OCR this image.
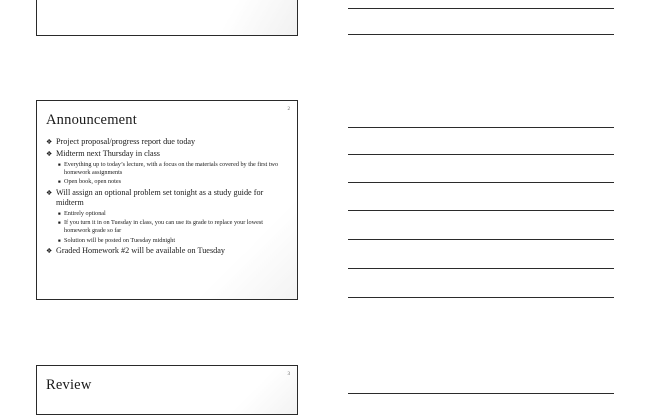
2
Announcement
❖ Project proposal/progress report due today
❖ Midterm next Thursday in class
■ Everything up to today’s lecture, with a focus on the materials covered by the first two homework assignments
■ Open book, open notes
❖ Will assign an optional problem set tonight as a study guide for midterm
■ Entirely optional
■ If you turn it in on Tuesday in class, you can use its grade to replace your lowest homework grade so far
■ Solution will be posted on Tuesday midnight
❖ Graded Homework #2 will be available on Tuesday
3
Review
